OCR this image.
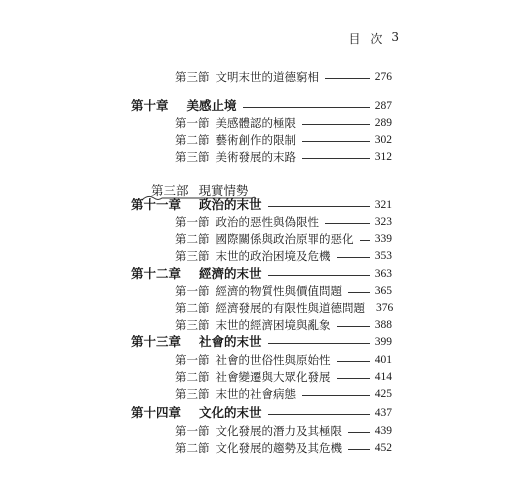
目 次 3
第三部 現實情勢
第三節 文明末世的道德窮相	276
第十章 美感止境	287
第一節 美感體認的極限	289
第二節 藝術創作的限制	302
第三節 美術發展的末路	312
第十一章 政治的末世	321
第一節 政治的惡性與偽限性	323
第二節 國際關係與政治原罪的惡化 339
第三節 末世的政治困境及危機	353
第十二章 經濟的末世	363
第一節 經濟的物質性與價值問題	365
第二節 經濟發展的有限性與道德問題 376
第三節 末世的經濟困境與亂象	388
第十三章 社會的末世	399
第一節 社會的世俗性與原始性	401
第二節 社會變遷與大眾化發展	414
第三節 末世的社會病態	425
第十四章 文化的末世	437
第一節 文化發展的潛力及其極限	439
第二節 文化發展的趨勢及其危機	452
